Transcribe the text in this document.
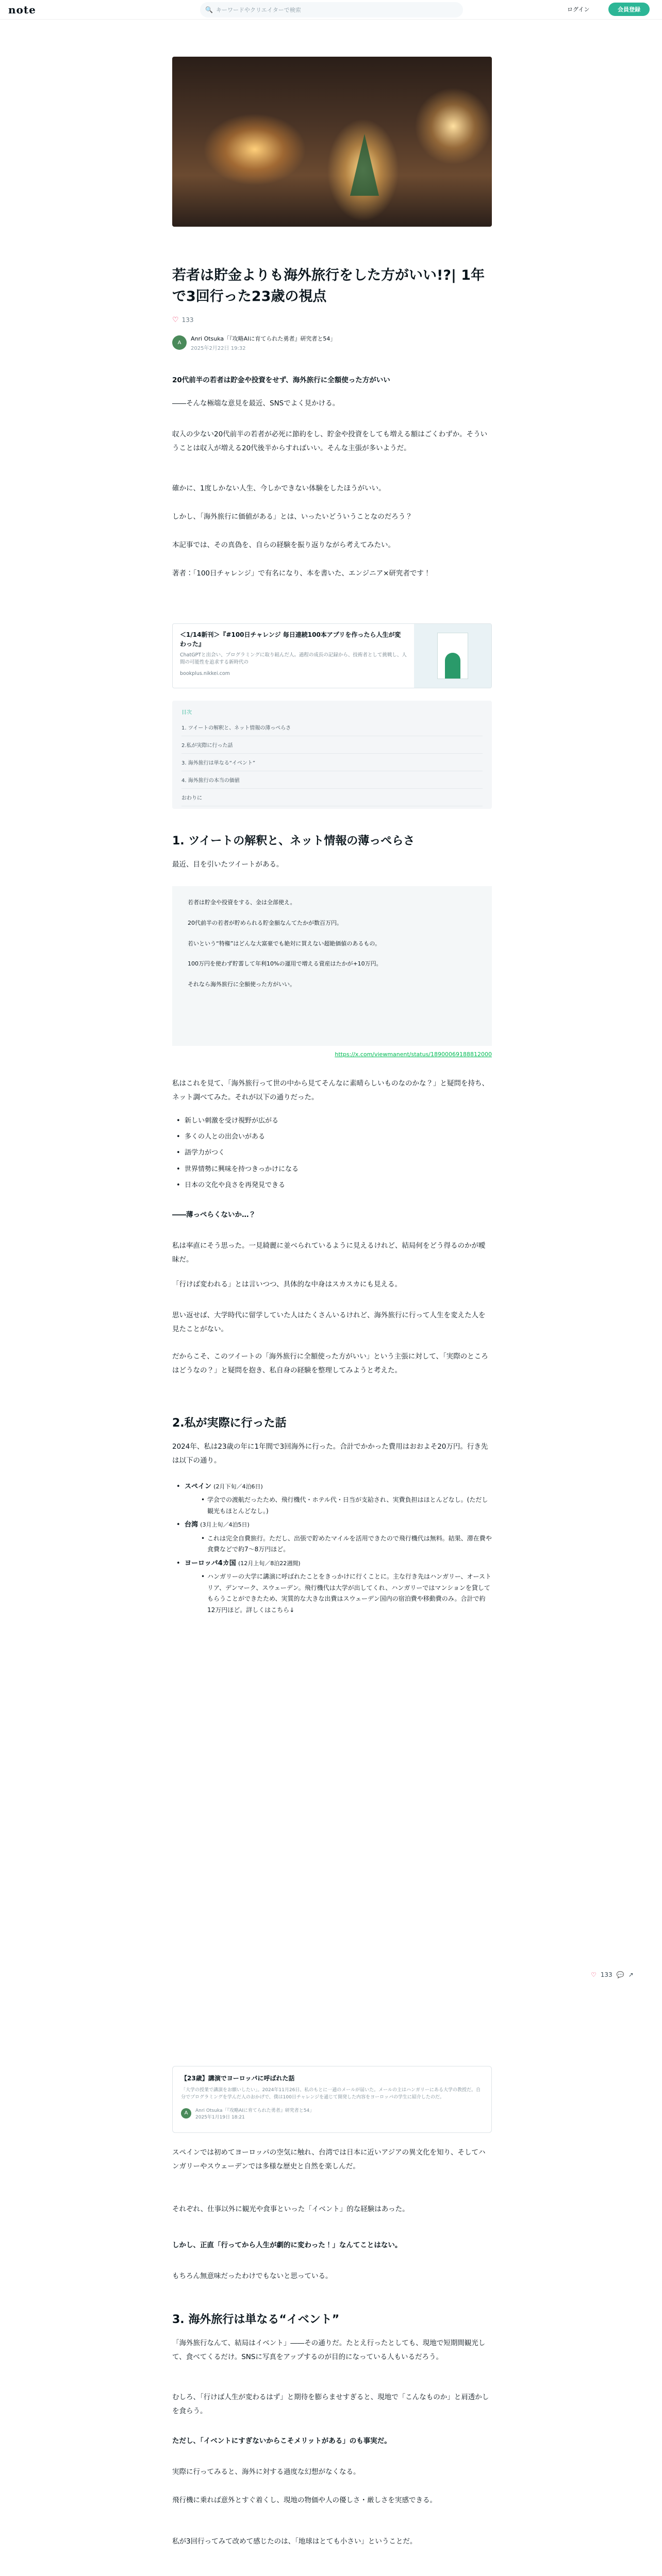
note	🔍 キーワードやクリエイターで検索	ログイン	会員登録
若者は貯金よりも海外旅行をした方がいい!?| 1年で3回行った23歳の視点
♡ 133
A
Anri Otsuka「『攻略AIに育てられた勇者』研究者と54」
2025年2月22日 19:32

20代前半の若者は貯金や投資をせず、海外旅行に全額使った方がいい

――そんな極端な意見を最近、SNSでよく見かける。

収入の少ない20代前半の若者が必死に節約をし、貯金や投資をしても増える額はごくわずか。そういうことは収入が増える20代後半からすればいい。そんな主張が多いようだ。

確かに、1度しかない人生、今しかできない体験をしたほうがいい。

しかし、「海外旅行に価値がある」とは、いったいどういうことなのだろう？

本記事では、その真偽を、自らの経験を振り返りながら考えてみたい。

著者：「100日チャレンジ」で有名になり、本を書いた、エンジニア×研究者です！

＜1/14新刊＞『#100日チャレンジ 毎日連続100本アプリを作ったら人生が変わった』
ChatGPTと出会い、プログラミングに取り組んだ人。過程の成長の記録から、技術者として挑戦し、人間の可能性を追求する新時代の
bookplus.nikkei.com
目次
1. ツイートの解釈と、ネット情報の薄っぺらさ
2.私が実際に行った話
3. 海外旅行は単なる“イベント”
4. 海外旅行の本当の価値
おわりに
1. ツイートの解釈と、ネット情報の薄っぺらさ

最近、目を引いたツイートがある。

若者は貯金や投資をする、金は全部使え。
20代前半の若者が貯められる貯金額なんてたかが数百万円。
若いという“特権”はどんな大富豪でも絶対に買えない超絶価値のあるもの。
100万円を使わず貯蓄して年利10%の運用で増える資産はたかが+10万円。
それなら海外旅行に全額使った方がいい。
https://x.com/viewmanent/status/18900069188812000

私はこれを見て、「海外旅行って世の中から見てそんなに素晴らしいものなのかな？」と疑問を持ち、ネット調べてみた。それが以下の通りだった。

• 新しい刺激を受け視野が広がる
• 多くの人との出会いがある
• 語学力がつく
• 世界情勢に興味を持つきっかけになる
• 日本の文化や良さを再発見できる

――薄っぺらくないか…？

私は率直にそう思った。一見綺麗に並べられているように見えるけれど、結局何をどう得るのかが曖昧だ。

「行けば変われる」とは言いつつ、具体的な中身はスカスカにも見える。

思い返せば、大学時代に留学していた人はたくさんいるけれど、海外旅行に行って人生を変えた人を見たことがない。

だからこそ、このツイートの「海外旅行に全額使った方がいい」という主張に対して、「実際のところはどうなの？」と疑問を抱き、私自身の経験を整理してみようと考えた。

2.私が実際に行った話

2024年、私は23歳の年に1年間で3回海外に行った。合計でかかった費用はおおよそ20万円。行き先は以下の通り。

• スペイン (2月下旬／4泊6日)
• 学会での渡航だったため、飛行機代・ホテル代・日当が支給され、実費負担はほとんどなし。(ただし観光もほとんどなし。)
• 台湾 (3月上旬／4泊5日)
• これは完全自費旅行。ただし、出張で貯めたマイルを活用できたので飛行機代は無料。結果、滞在費や食費などで約7～8万円ほど。
• ヨーロッパ4カ国 (12月上旬／8泊22週間)
• ハンガリーの大学に講演に呼ばれたことをきっかけに行くことに。主な行き先はハンガリー、オーストリア、デンマーク、スウェーデン。飛行機代は大学が出してくれ、ハンガリーではマンションを貸してもらうことができたため、実質的な大きな出費はスウェーデン国内の宿泊費や移動費のみ。合計で約12万円ほど。詳しくはこちら↓
【23歳】講演でヨーロッパに呼ばれた話
「大学の授業で講演をお願いしたい」。2024年11月26日、私のもとに一通のメールが届いた。メールの主はハンガリーにある大学の教授だ。自分でプログラミングを学んだ人のおかげで、僕は100日チャレンジを通じて開発した内容をヨーロッパの学生に紹介したのだ。
A	Anri Otsuka「『攻略AIに育てられた勇者』研究者と54」
2025年1月19日 18:21

スペインでは初めてヨーロッパの空気に触れ、台湾では日本に近いアジアの異文化を知り、そしてハンガリーやスウェーデンでは多様な歴史と自然を楽しんだ。

それぞれ、仕事以外に観光や食事といった「イベント」的な経験はあった。

しかし、正直「行ってから人生が劇的に変わった！」なんてことはない。

もちろん無意味だったわけでもないと思っている。

3. 海外旅行は単なる“イベント”

「海外旅行なんて、結局はイベント」――その通りだ。たとえ行ったとしても、現地で短期間観光して、食べてくるだけ。SNSに写真をアップするのが目的になっている人もいるだろう。

むしろ、「行けば人生が変わるはず」と期待を膨らませすぎると、現地で「こんなものか」と肩透かしを食らう。

ただし、「イベントにすぎないからこそメリットがある」のも事実だ。

実際に行ってみると、海外に対する過度な幻想がなくなる。

飛行機に乗れば意外とすぐ着くし、現地の物価や人の優しさ・厳しさを実感できる。

私が3回行ってみて改めて感じたのは、「地球はとても小さい」ということだ。

♡ 133 💬 ↗
